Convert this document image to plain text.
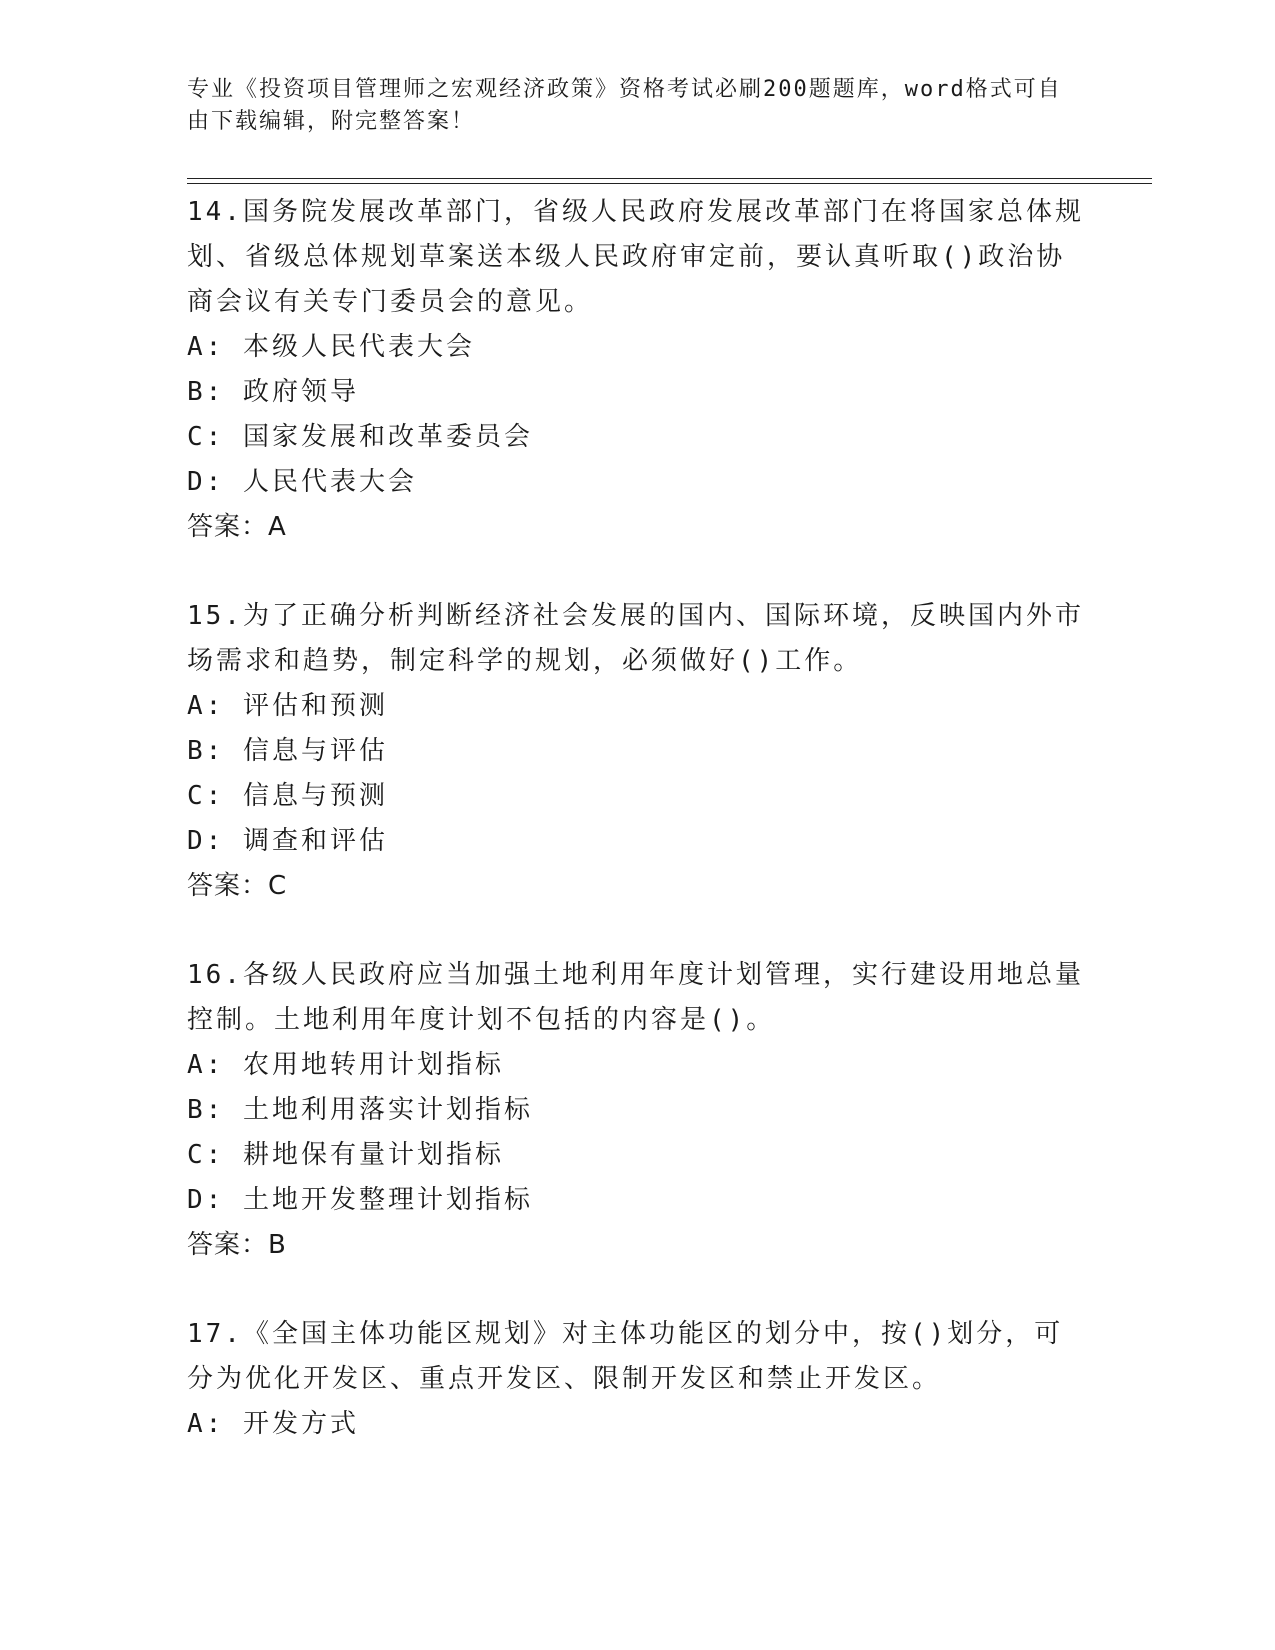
专业《投资项目管理师之宏观经济政策》资格考试必刷200题题库，word格式可自由下载编辑，附完整答案！

14.国务院发展改革部门，省级人民政府发展改革部门在将国家总体规划、省级总体规划草案送本级人民政府审定前，要认真听取()政治协商会议有关专门委员会的意见。

A: 本级人民代表大会

B: 政府领导

C: 国家发展和改革委员会

D: 人民代表大会

答案：A

15.为了正确分析判断经济社会发展的国内、国际环境，反映国内外市场需求和趋势，制定科学的规划，必须做好()工作。

A: 评估和预测

B: 信息与评估

C: 信息与预测

D: 调查和评估

答案：C

16.各级人民政府应当加强土地利用年度计划管理，实行建设用地总量控制。土地利用年度计划不包括的内容是()。

A: 农用地转用计划指标

B: 土地利用落实计划指标

C: 耕地保有量计划指标

D: 土地开发整理计划指标

答案：B

17.《全国主体功能区规划》对主体功能区的划分中，按()划分，可分为优化开发区、重点开发区、限制开发区和禁止开发区。

A: 开发方式
